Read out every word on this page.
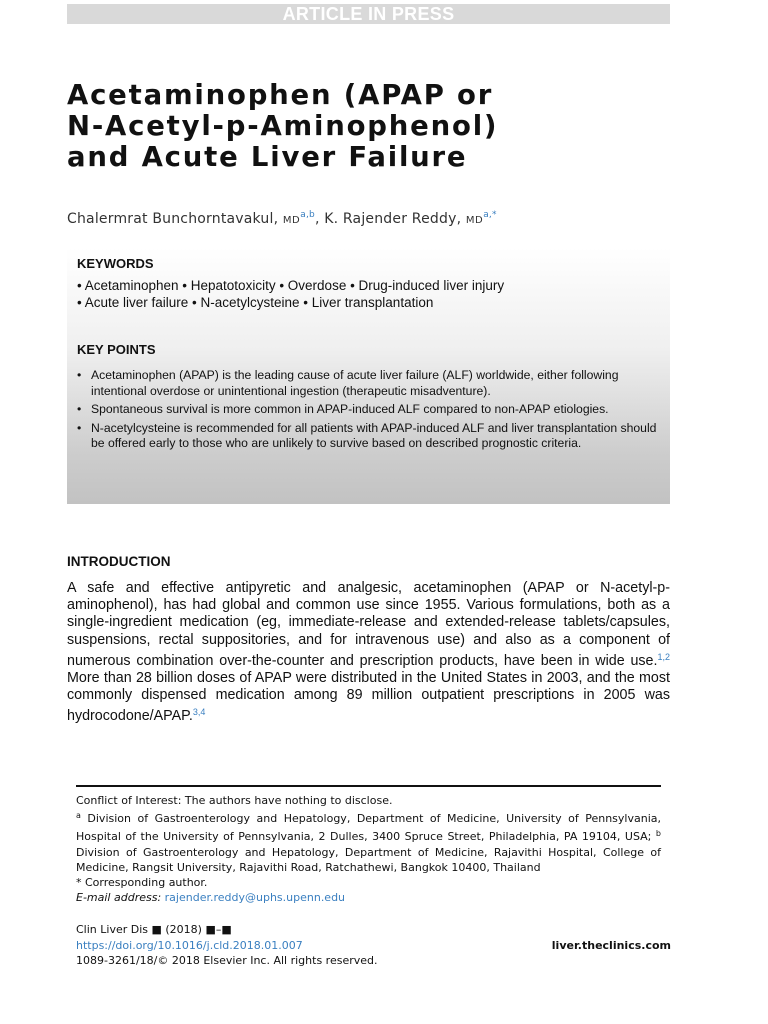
ARTICLE IN PRESS
Acetaminophen (APAP or
N-Acetyl-p-Aminophenol)
and Acute Liver Failure
Chalermrat Bunchorntavakul, MD$^{a,b}$, K. Rajender Reddy, $MD^{a,*}$
KEYWORDS
• Acetaminophen • Hepatotoxicity • Overdose • Drug-induced liver injury
• Acute liver failure • N-acetylcysteine • Liver transplantation
KEY POINTS
• Acetaminophen (APAP) is the leading cause of acute liver failure (ALF) worldwide, either following intentional overdose or unintentional ingestion (therapeutic misadventure).
• Spontaneous survival is more common in APAP-induced ALF compared to non-APAP etiologies.
• N-acetylcysteine is recommended for all patients with APAP-induced ALF and liver transplantation should be offered early to those who are unlikely to survive based on described prognostic criteria.
INTRODUCTION

A safe and effective antipyretic and analgesic, acetaminophen (APAP or N-acetyl-p-aminophenol), has had global and common use since 1955. Various formulations, both as a single-ingredient medication (eg, immediate-release and extended-release tablets/capsules, suspensions, rectal suppositories, and for intravenous use) and also as a component of numerous combination over-the-counter and prescription products, have been in wide use.$^{1,2}$ More than 28 billion doses of APAP were distributed in the United States in 2003, and the most commonly dispensed medication among 89 million outpatient prescriptions in 2005 was hydrocodone/APAP.$^{3,4}$

Conflict of Interest: The authors have nothing to disclose.
$^a$ Division of Gastroenterology and Hepatology, Department of Medicine, University of Pennsylvania, Hospital of the University of Pennsylvania, 2 Dulles, 3400 Spruce Street, Philadelphia, PA 19104, USA; $^b$ Division of Gastroenterology and Hepatology, Department of Medicine, Rajavithi Hospital, College of Medicine, Rangsit University, Rajavithi Road, Ratchathewi, Bangkok 10400, Thailand
* Corresponding author.
E-mail address: rajender.reddy@uphs.upenn.edu
Clin Liver Dis ■ (2018) ■–■
https://doi.org/10.1016/j.cld.2018.01.007
1089-3261/18/© 2018 Elsevier Inc. All rights reserved.
liver.theclinics.com
